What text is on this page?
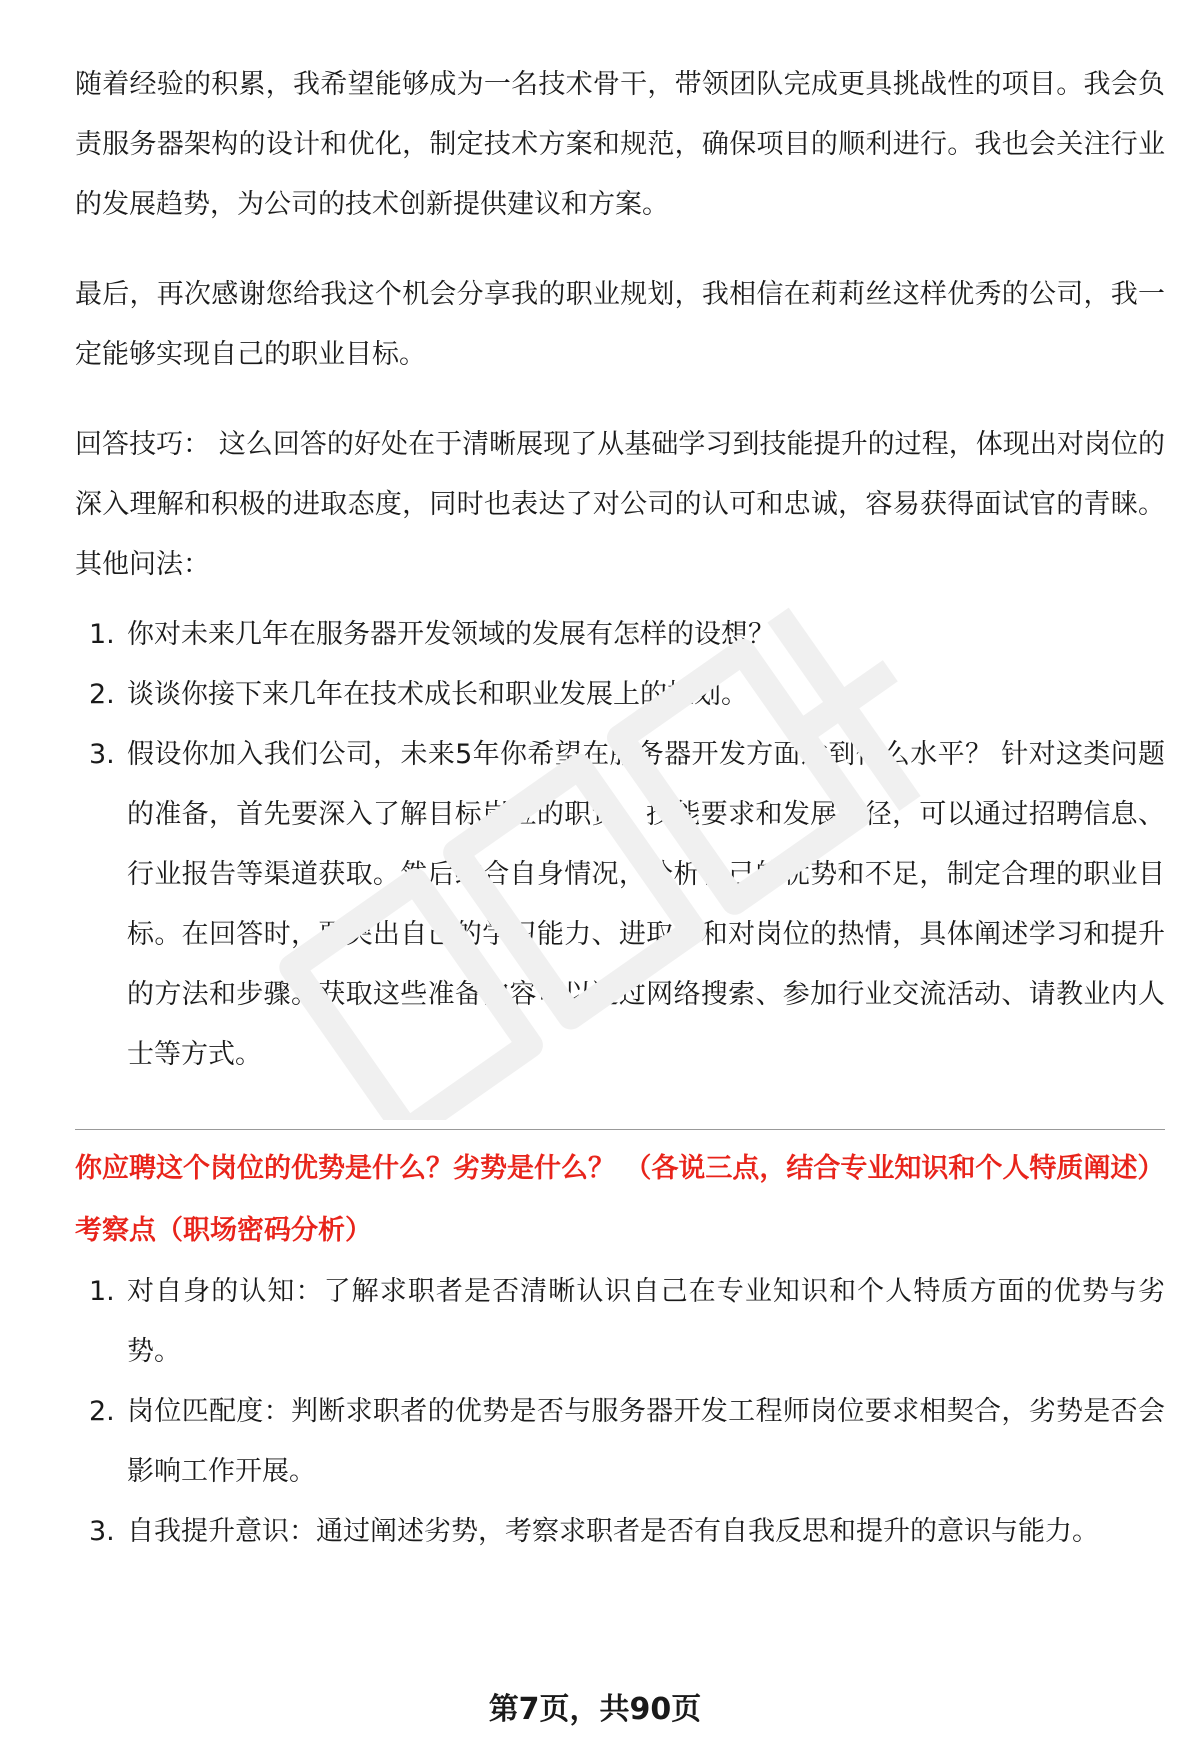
随着经验的积累，我希望能够成为一名技术骨干，带领团队完成更具挑战性的项目。我会负责服务器架构的设计和优化，制定技术方案和规范，确保项目的顺利进行。我也会关注行业的发展趋势，为公司的技术创新提供建议和方案。

最后，再次感谢您给我这个机会分享我的职业规划，我相信在莉莉丝这样优秀的公司，我一定能够实现自己的职业目标。

回答技巧： 这么回答的好处在于清晰展现了从基础学习到技能提升的过程，体现出对岗位的深入理解和积极的进取态度，同时也表达了对公司的认可和忠诚，容易获得面试官的青睐。 其他问法：

1. 你对未来几年在服务器开发领域的发展有怎样的设想？
2. 谈谈你接下来几年在技术成长和职业发展上的规划。
3. 假设你加入我们公司，未来5年你希望在服务器开发方面达到什么水平？ 针对这类问题的准备，首先要深入了解目标岗位的职责、技能要求和发展路径，可以通过招聘信息、行业报告等渠道获取。然后结合自身情况，分析自己的优势和不足，制定合理的职业目标。在回答时，要突出自己的学习能力、进取心和对岗位的热情，具体阐述学习和提升的方法和步骤。获取这些准备内容可以通过网络搜索、参加行业交流活动、请教业内人士等方式。
你应聘这个岗位的优势是什么？劣势是什么？ （各说三点，结合专业知识和个人特质阐述）
考察点（职场密码分析）
1. 对自身的认知：了解求职者是否清晰认识自己在专业知识和个人特质方面的优势与劣势。
2. 岗位匹配度：判断求职者的优势是否与服务器开发工程师岗位要求相契合，劣势是否会影响工作开展。
3. 自我提升意识：通过阐述劣势，考察求职者是否有自我反思和提升的意识与能力。
第7页，共90页
